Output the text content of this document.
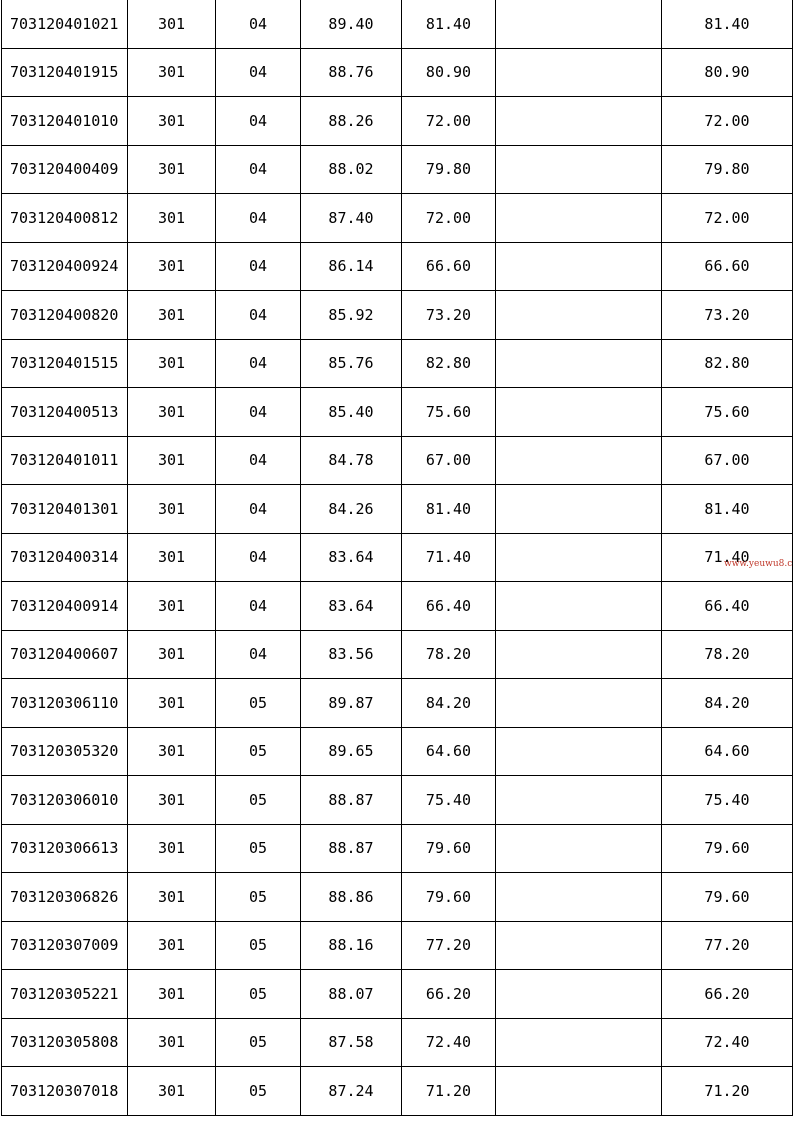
703120401021	301	04	89.40	81.40		81.40
703120401915	301	04	88.76	80.90		80.90
703120401010	301	04	88.26	72.00		72.00
703120400409	301	04	88.02	79.80		79.80
703120400812	301	04	87.40	72.00		72.00
703120400924	301	04	86.14	66.60		66.60
703120400820	301	04	85.92	73.20		73.20
703120401515	301	04	85.76	82.80		82.80
703120400513	301	04	85.40	75.60		75.60
703120401011	301	04	84.78	67.00		67.00
703120401301	301	04	84.26	81.40		81.40
703120400314	301	04	83.64	71.40		71.40
703120400914	301	04	83.64	66.40		66.40
703120400607	301	04	83.56	78.20		78.20
703120306110	301	05	89.87	84.20		84.20
703120305320	301	05	89.65	64.60		64.60
703120306010	301	05	88.87	75.40		75.40
703120306613	301	05	88.87	79.60		79.60
703120306826	301	05	88.86	79.60		79.60
703120307009	301	05	88.16	77.20		77.20
703120305221	301	05	88.07	66.20		66.20
703120305808	301	05	87.58	72.40		72.40
703120307018	301	05	87.24	71.20		71.20
www.yeuwu8.c
